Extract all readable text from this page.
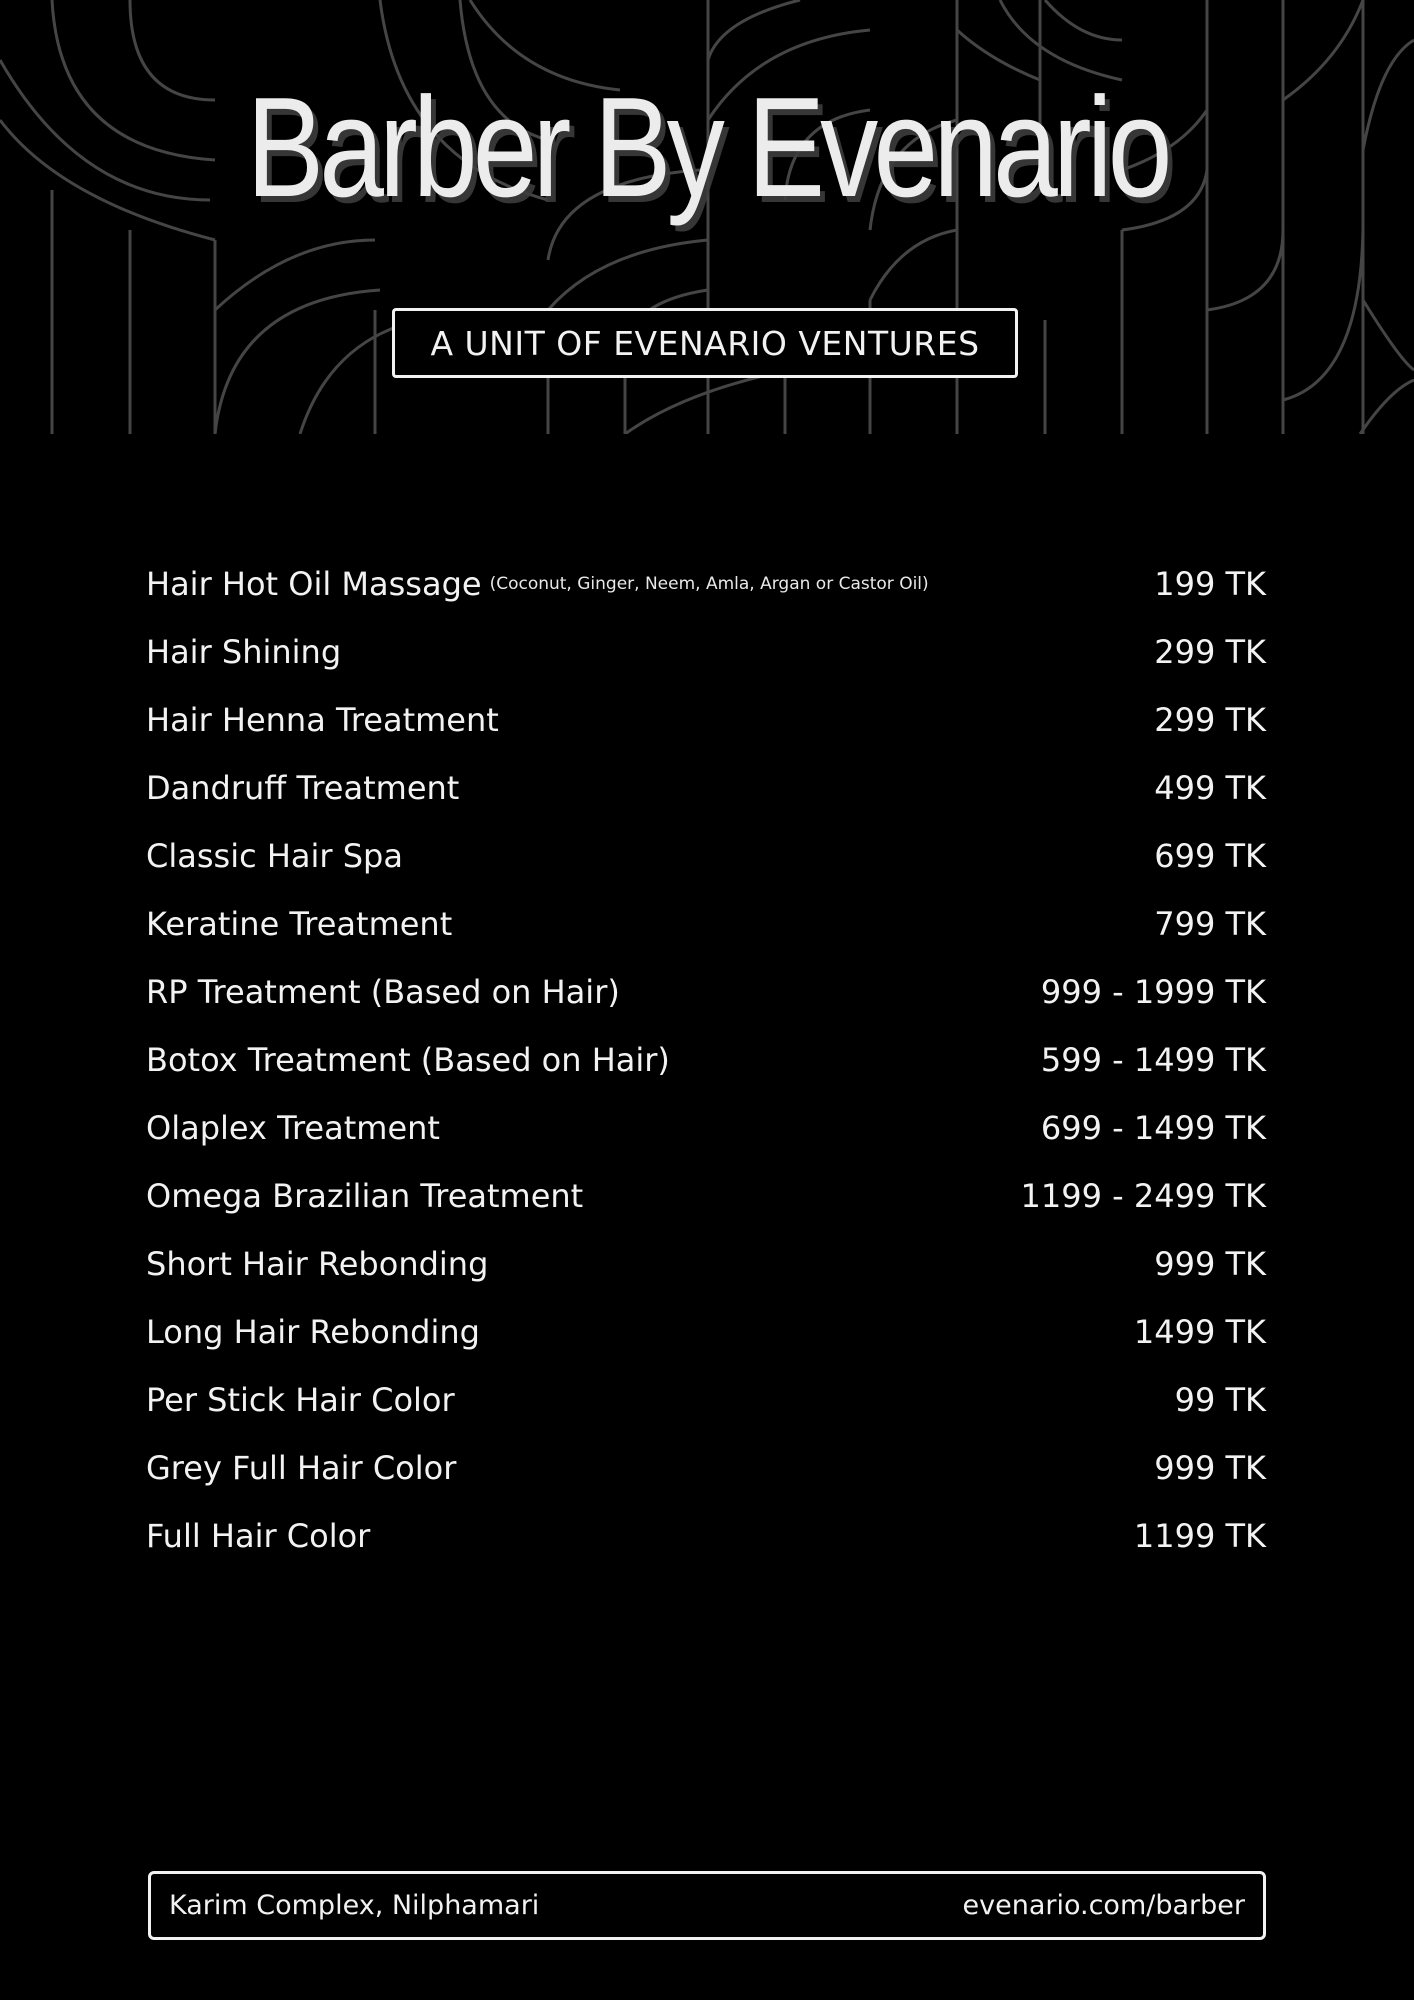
Barber By Evenario
A UNIT OF EVENARIO VENTURES
Hair Hot Oil Massage (Coconut, Ginger, Neem, Amla, Argan or Castor Oil)	199 TK
Hair Shining	299 TK
Hair Henna Treatment	299 TK
Dandruff Treatment	499 TK
Classic Hair Spa	699 TK
Keratine Treatment	799 TK
RP Treatment (Based on Hair)	999 - 1999 TK
Botox Treatment (Based on Hair)	599 - 1499 TK
Olaplex Treatment	699 - 1499 TK
Omega Brazilian Treatment	1199 - 2499 TK
Short Hair Rebonding	999 TK
Long Hair Rebonding	1499 TK
Per Stick Hair Color	99 TK
Grey Full Hair Color	999 TK
Full Hair Color	1199 TK
Karim Complex, Nilphamari	evenario.com/barber
